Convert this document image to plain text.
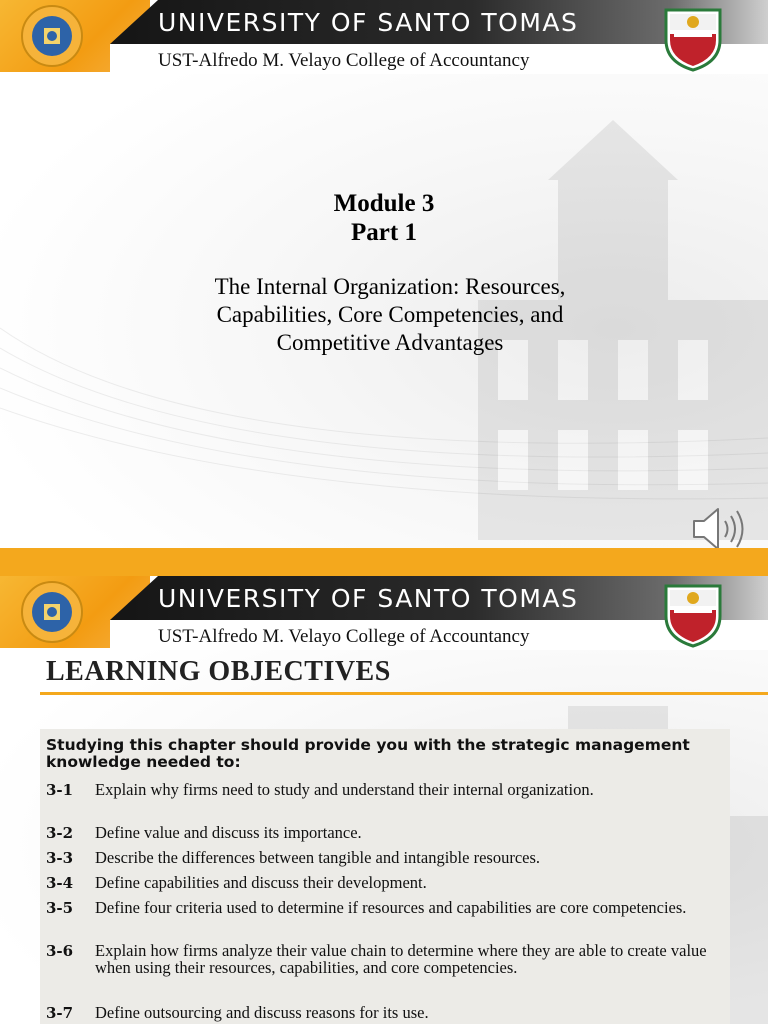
UNIVERSITY OF SANTO TOMAS
UST-Alfredo M. Velayo College of Accountancy
Module 3
Part 1
The Internal Organization: Resources,
Capabilities, Core Competencies, and
Competitive Advantages
UNIVERSITY OF SANTO TOMAS
UST-Alfredo M. Velayo College of Accountancy
LEARNING OBJECTIVES
Studying this chapter should provide you with the strategic management knowledge needed to:
3-1 Explain why firms need to study and understand their internal organization.
3-2 Define value and discuss its importance.
3-3 Describe the differences between tangible and intangible resources.
3-4 Define capabilities and discuss their development.
3-5 Define four criteria used to determine if resources and capabilities are core competencies.
3-6 Explain how firms analyze their value chain to determine where they are able to create value when using their resources, capabilities, and core competencies.
3-7 Define outsourcing and discuss reasons for its use.
